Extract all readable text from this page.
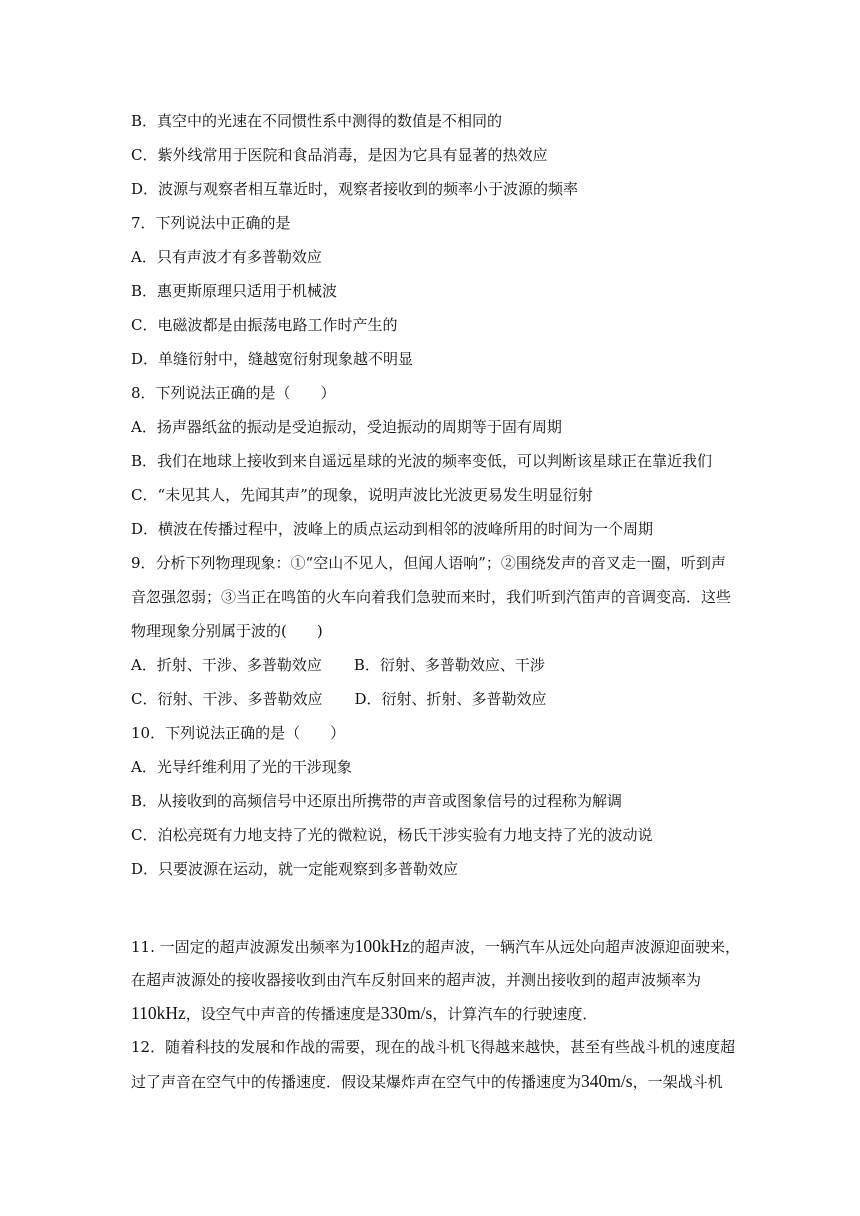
B．真空中的光速在不同惯性系中测得的数值是不相同的
C．紫外线常用于医院和食品消毒，是因为它具有显著的热效应
D．波源与观察者相互靠近时，观察者接收到的频率小于波源的频率
7．下列说法中正确的是
A．只有声波才有多普勒效应
B．惠更斯原理只适用于机械波
C．电磁波都是由振荡电路工作时产生的
D．单缝衍射中，缝越宽衍射现象越不明显
8．下列说法正确的是（　　）
A．扬声器纸盆的振动是受迫振动，受迫振动的周期等于固有周期
B．我们在地球上接收到来自遥远星球的光波的频率变低，可以判断该星球正在靠近我们
C．“未见其人，先闻其声”的现象，说明声波比光波更易发生明显衍射
D．横波在传播过程中，波峰上的质点运动到相邻的波峰所用的时间为一个周期
9．分析下列物理现象：①“空山不见人，但闻人语响”；②围绕发声的音叉走一圈，听到声
音忽强忽弱；③当正在鸣笛的火车向着我们急驶而来时，我们听到汽笛声的音调变高．这些
物理现象分别属于波的(　　)
A．折射、干涉、多普勒效应 B．衍射、多普勒效应、干涉
C．衍射、干涉、多普勒效应 D．衍射、折射、多普勒效应
10．下列说法正确的是（　　）
A．光导纤维利用了光的干涉现象
B．从接收到的高频信号中还原出所携带的声音或图象信号的过程称为解调
C．泊松亮斑有力地支持了光的微粒说，杨氏干涉实验有力地支持了光的波动说
D．只要波源在运动，就一定能观察到多普勒效应
11. 一固定的超声波源发出频率为100kHz的超声波，一辆汽车从远处向超声波源迎面驶来，
在超声波源处的接收器接收到由汽车反射回来的超声波，并测出接收到的超声波频率为
110kHz，设空气中声音的传播速度是330m/s，计算汽车的行驶速度．
12．随着科技的发展和作战的需要，现在的战斗机飞得越来越快，甚至有些战斗机的速度超
过了声音在空气中的传播速度．假设某爆炸声在空气中的传播速度为340m/s，一架战斗机
